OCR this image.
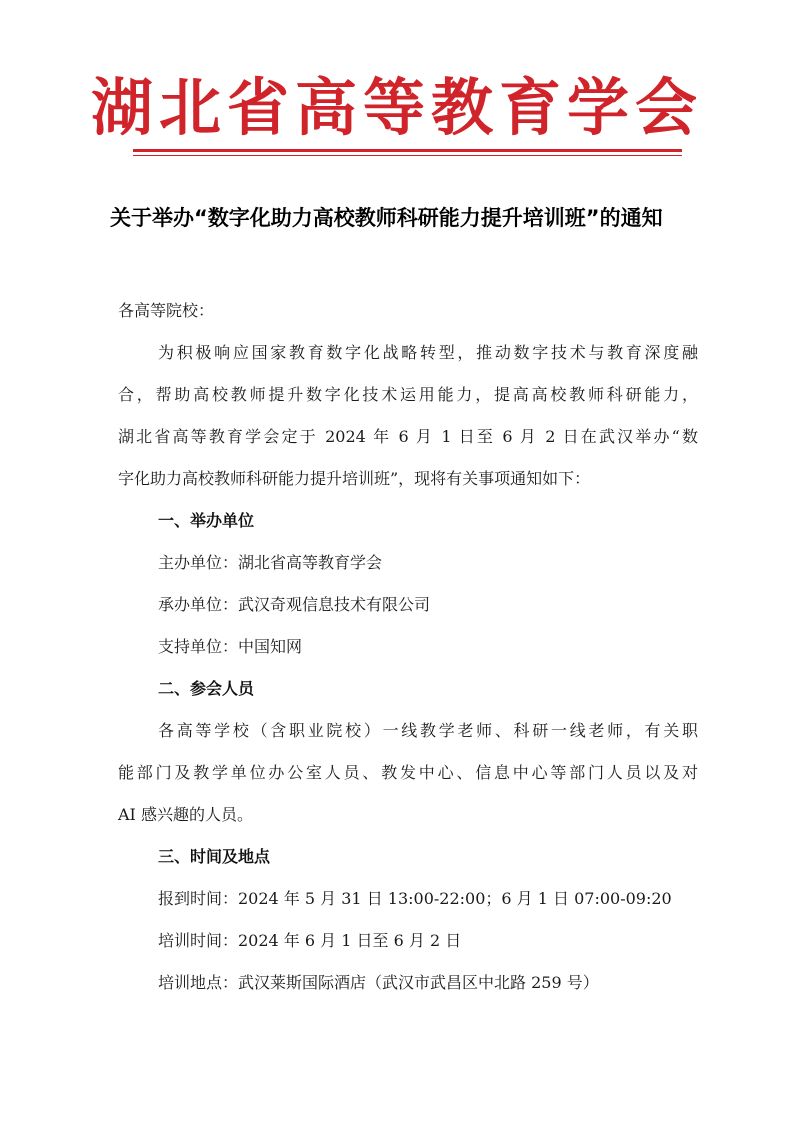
湖北省高等教育学会
关于举办“数字化助力高校教师科研能力提升培训班”的通知
各高等院校：
为积极响应国家教育数字化战略转型，推动数字技术与教育深度融
合，帮助高校教师提升数字化技术运用能力，提高高校教师科研能力，
湖北省高等教育学会定于 2024 年 6 月 1 日至 6 月 2 日在武汉举办“数
字化助力高校教师科研能力提升培训班”，现将有关事项通知如下：
一、举办单位
主办单位：湖北省高等教育学会
承办单位：武汉奇观信息技术有限公司
支持单位：中国知网
二、参会人员
各高等学校（含职业院校）一线教学老师、科研一线老师，有关职
能部门及教学单位办公室人员、教发中心、信息中心等部门人员以及对
AI 感兴趣的人员。
三、时间及地点
报到时间：2024 年 5 月 31 日 13:00-22:00；6 月 1 日 07:00-09:20
培训时间：2024 年 6 月 1 日至 6 月 2 日
培训地点：武汉莱斯国际酒店（武汉市武昌区中北路 259 号）
